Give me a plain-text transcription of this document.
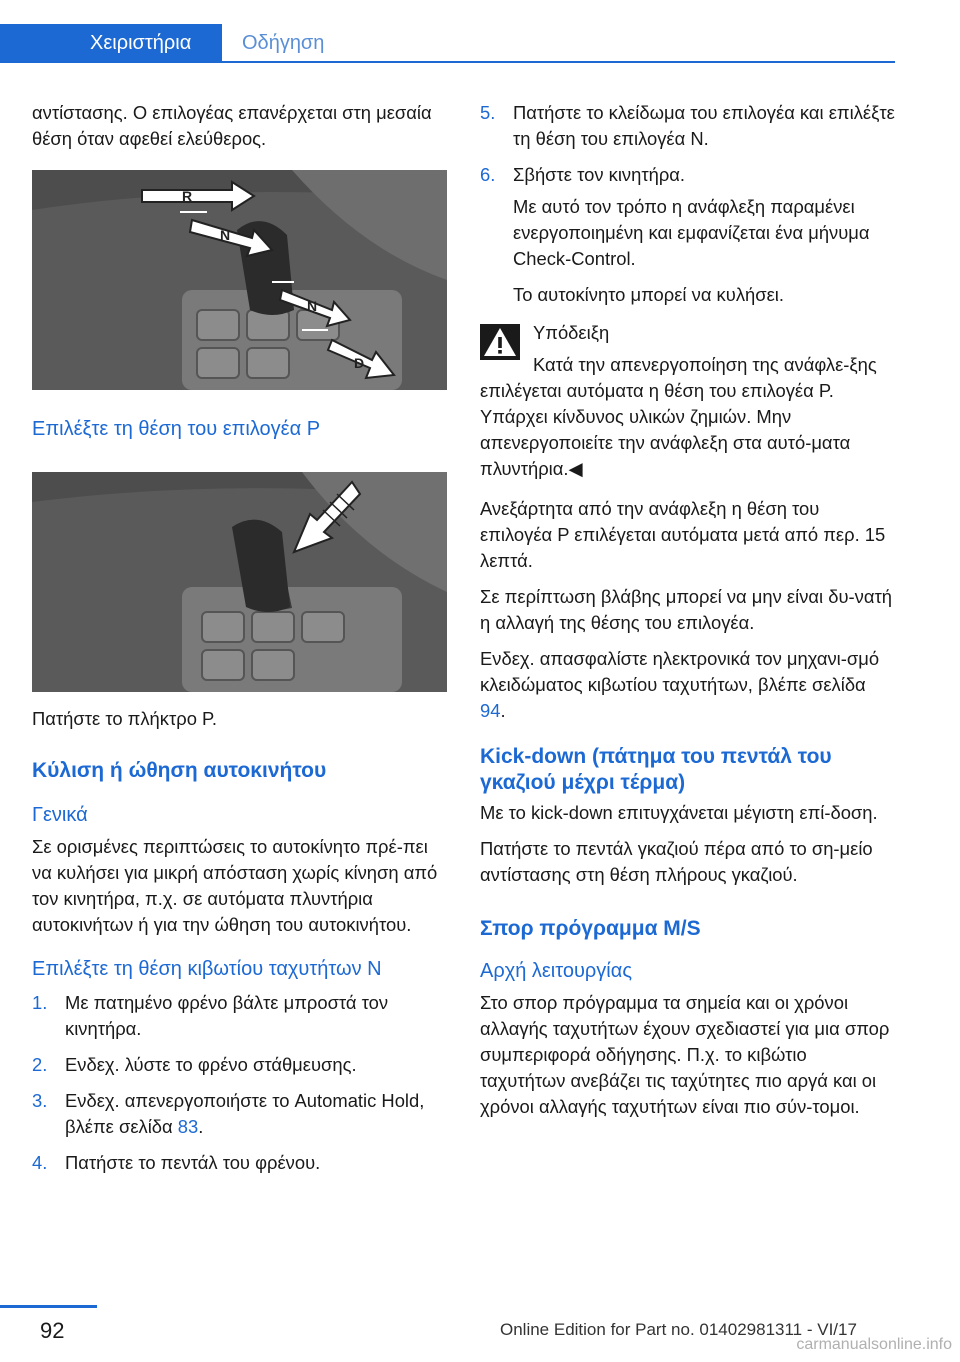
Χειριστήρια	Οδήγηση

αντίστασης. Ο επιλογέας επανέρχεται στη μεσαία θέση όταν αφεθεί ελεύθερος.

R
N
N
D

Επιλέξτε τη θέση του επιλογέα P

Πατήστε το πλήκτρο P.

Κύλιση ή ώθηση αυτοκινήτου
Γενικά

Σε ορισμένες περιπτώσεις το αυτοκίνητο πρέ-πει να κυλήσει για μικρή απόσταση χωρίς κίνηση από τον κινητήρα, π.χ. σε αυτόματα πλυντήρια αυτοκινήτων ή για την ώθηση του αυτοκινήτου.

Επιλέξτε τη θέση κιβωτίου ταχυτήτων N
1. Με πατημένο φρένο βάλτε μπροστά τον κινητήρα.
2. Ενδεχ. λύστε το φρένο στάθμευσης.
3. Ενδεχ. απενεργοποιήστε το Automatic Hold, βλέπε σελίδα 83.
4. Πατήστε το πεντάλ του φρένου.
5. Πατήστε το κλείδωμα του επιλογέα και επιλέξτε τη θέση του επιλογέα N.
6. Σβήστε τον κινητήρα.

Με αυτό τον τρόπο η ανάφλεξη παραμένει ενεργοποιημένη και εμφανίζεται ένα μήνυμα Check-Control.

Το αυτοκίνητο μπορεί να κυλήσει.

Υπόδειξη

Κατά την απενεργοποίηση της ανάφλε-ξης επιλέγεται αυτόματα η θέση του επιλογέα P. Υπάρχει κίνδυνος υλικών ζημιών. Μην απενεργοποιείτε την ανάφλεξη στα αυτό-ματα πλυντήρια.◀

Ανεξάρτητα από την ανάφλεξη η θέση του επιλογέα P επιλέγεται αυτόματα μετά από περ. 15 λεπτά.

Σε περίπτωση βλάβης μπορεί να μην είναι δυ-νατή η αλλαγή της θέσης του επιλογέα.

Ενδεχ. απασφαλίστε ηλεκτρονικά τον μηχανι-σμό κλειδώματος κιβωτίου ταχυτήτων, βλέπε σελίδα 94.

Kick-down (πάτημα του πεντάλ του γκαζιού μέχρι τέρμα)

Με το kick-down επιτυγχάνεται μέγιστη επί-δοση.

Πατήστε το πεντάλ γκαζιού πέρα από το ση-μείο αντίστασης στη θέση πλήρους γκαζιού.

Σπορ πρόγραμμα M/S
Αρχή λειτουργίας

Στο σπορ πρόγραμμα τα σημεία και οι χρόνοι αλλαγής ταχυτήτων έχουν σχεδιαστεί για μια σπορ συμπεριφορά οδήγησης. Π.χ. το κιβώτιο ταχυτήτων ανεβάζει τις ταχύτητες πιο αργά και οι χρόνοι αλλαγής ταχυτήτων είναι πιο σύν-τομοι.

92	Online Edition for Part no. 01402981311 - VI/17
carmanualsonline.info
